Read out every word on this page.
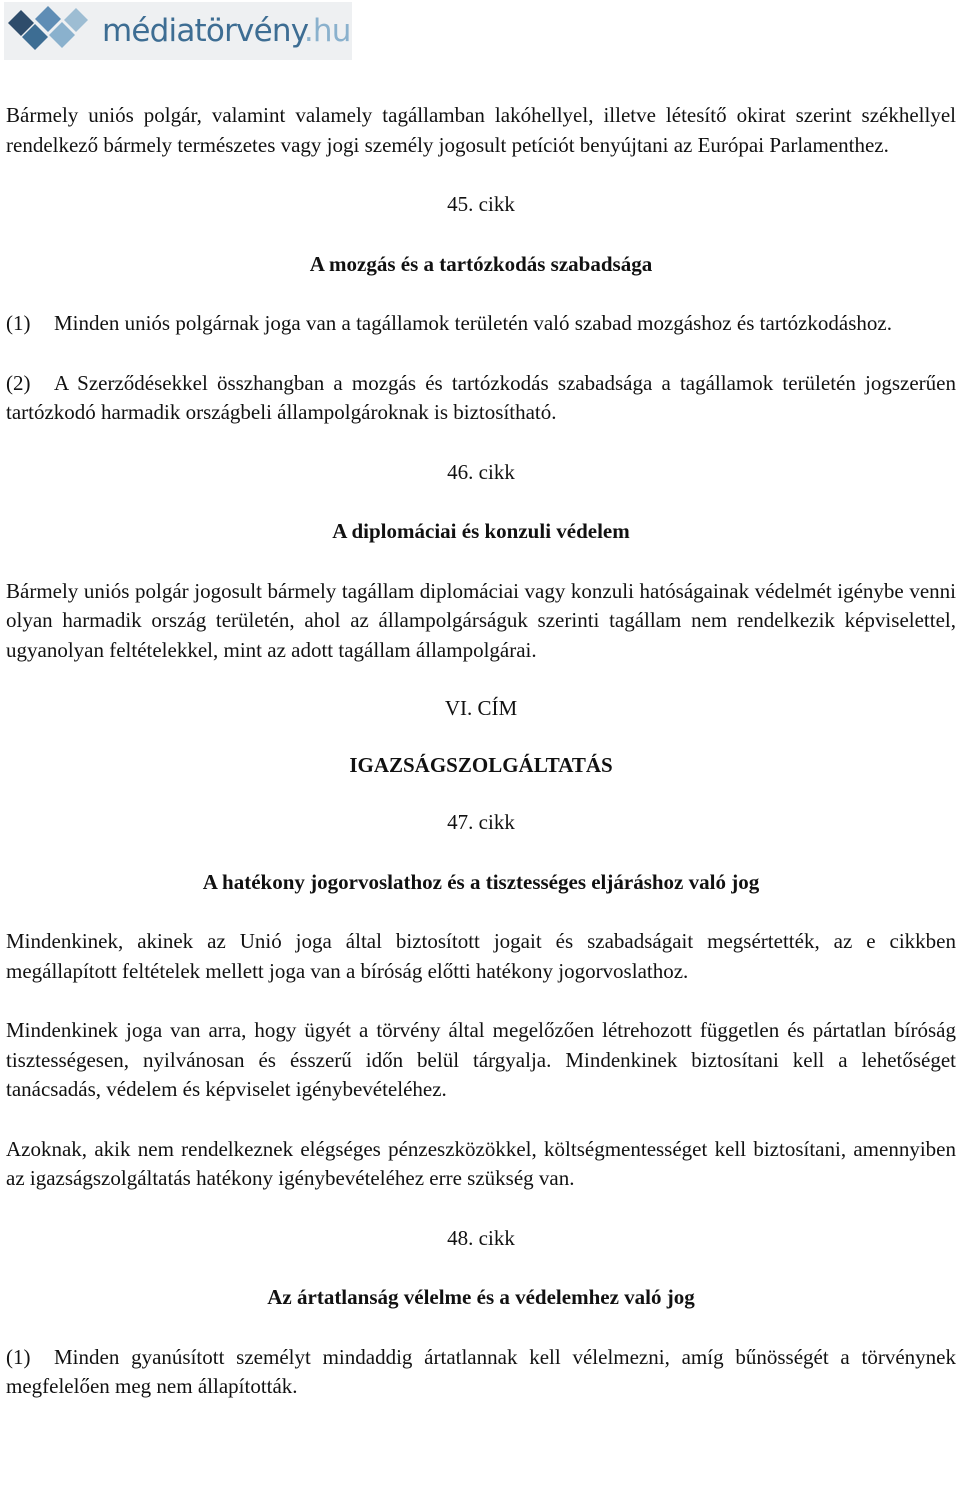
médiatörvény.hu

Bármely uniós polgár, valamint valamely tagállamban lakóhellyel, illetve létesítő okirat szerint székhellyel rendelkező bármely természetes vagy jogi személy jogosult petíciót benyújtani az Európai Parlamenthez.

45. cikk

A mozgás és a tartózkodás szabadsága

(1) Minden uniós polgárnak joga van a tagállamok területén való szabad mozgáshoz és tartózkodáshoz.

(2) A Szerződésekkel összhangban a mozgás és tartózkodás szabadsága a tagállamok területén jogszerűen tartózkodó harmadik országbeli állampolgároknak is biztosítható.

46. cikk

A diplomáciai és konzuli védelem

Bármely uniós polgár jogosult bármely tagállam diplomáciai vagy konzuli hatóságainak védelmét igénybe venni olyan harmadik ország területén, ahol az állampolgárságuk szerinti tagállam nem rendelkezik képviselettel, ugyanolyan feltételekkel, mint az adott tagállam állampolgárai.

VI. CÍM

IGAZSÁGSZOLGÁLTATÁS

47. cikk

A hatékony jogorvoslathoz és a tisztességes eljáráshoz való jog

Mindenkinek, akinek az Unió joga által biztosított jogait és szabadságait megsértették, az e cikkben megállapított feltételek mellett joga van a bíróság előtti hatékony jogorvoslathoz.

Mindenkinek joga van arra, hogy ügyét a törvény által megelőzően létrehozott független és pártatlan bíróság tisztességesen, nyilvánosan és ésszerű időn belül tárgyalja. Mindenkinek biztosítani kell a lehetőséget tanácsadás, védelem és képviselet igénybevételéhez.

Azoknak, akik nem rendelkeznek elégséges pénzeszközökkel, költségmentességet kell biztosítani, amennyiben az igazságszolgáltatás hatékony igénybevételéhez erre szükség van.

48. cikk

Az ártatlanság vélelme és a védelemhez való jog

(1) Minden gyanúsított személyt mindaddig ártatlannak kell vélelmezni, amíg bűnösségét a törvénynek megfelelően meg nem állapították.
